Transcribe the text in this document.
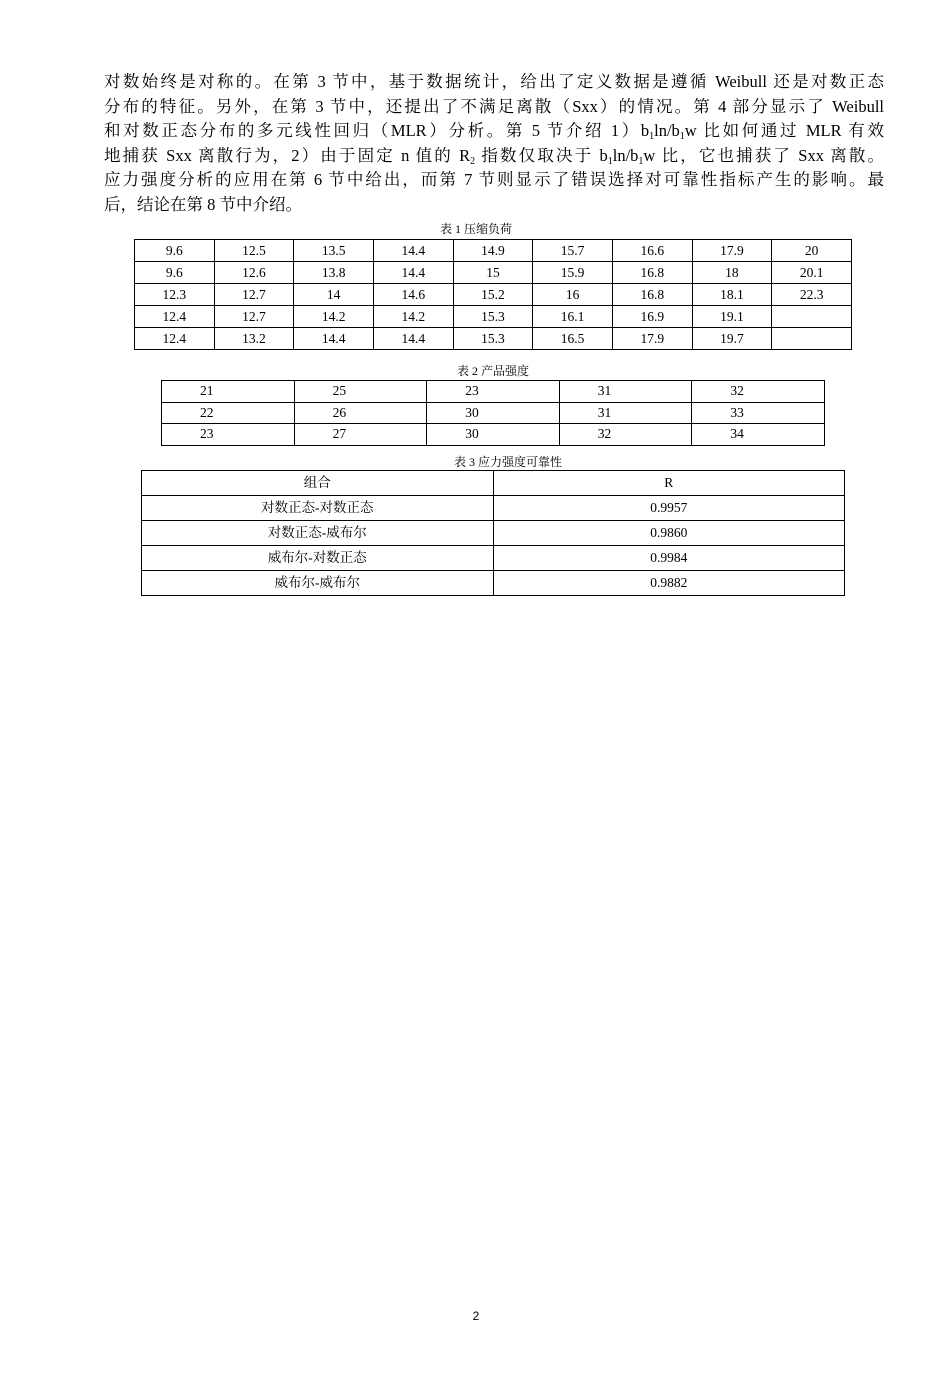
对数始终是对称的。在第 3 节中，基于数据统计，给出了定义数据是遵循 Weibull 还是对数正态
分布的特征。另外，在第 3 节中，还提出了不满足离散（Sxx）的情况。第 4 部分显示了 Weibull
和对数正态分布的多元线性回归（MLR）分析。第 5 节介绍 $1)b_1\ln/b_1w$ 比如何通过 MLR 有效
地捕获 Sxx 离散行为，2）由于固定 n 值的 $R_2$ 指数仅取决于 $b_1\ln/b_1w$ 比，它也捕获了 Sxx 离散。
应力强度分析的应用在第 6 节中给出，而第 7 节则显示了错误选择对可靠性指标产生的影响。最
后，结论在第 8 节中介绍。

表 1 压缩负荷
9.6	12.5	13.5	14.4	14.9	15.7	16.6	17.9	20
9.6	12.6	13.8	14.4	15	15.9	16.8	18	20.1
12.3	12.7	14	14.6	15.2	16	16.8	18.1	22.3
12.4	12.7	14.2	14.2	15.3	16.1	16.9	19.1	
12.4	13.2	14.4	14.4	15.3	16.5	17.9	19.7	
表 2 产品强度
21	25	23	31	32
22	26	30	31	33
23	27	30	32	34
表 3 应力强度可靠性
组合	R
对数正态-对数正态	0.9957
对数正态-威布尔	0.9860
威布尔-对数正态	0.9984
威布尔-威布尔	0.9882
2
